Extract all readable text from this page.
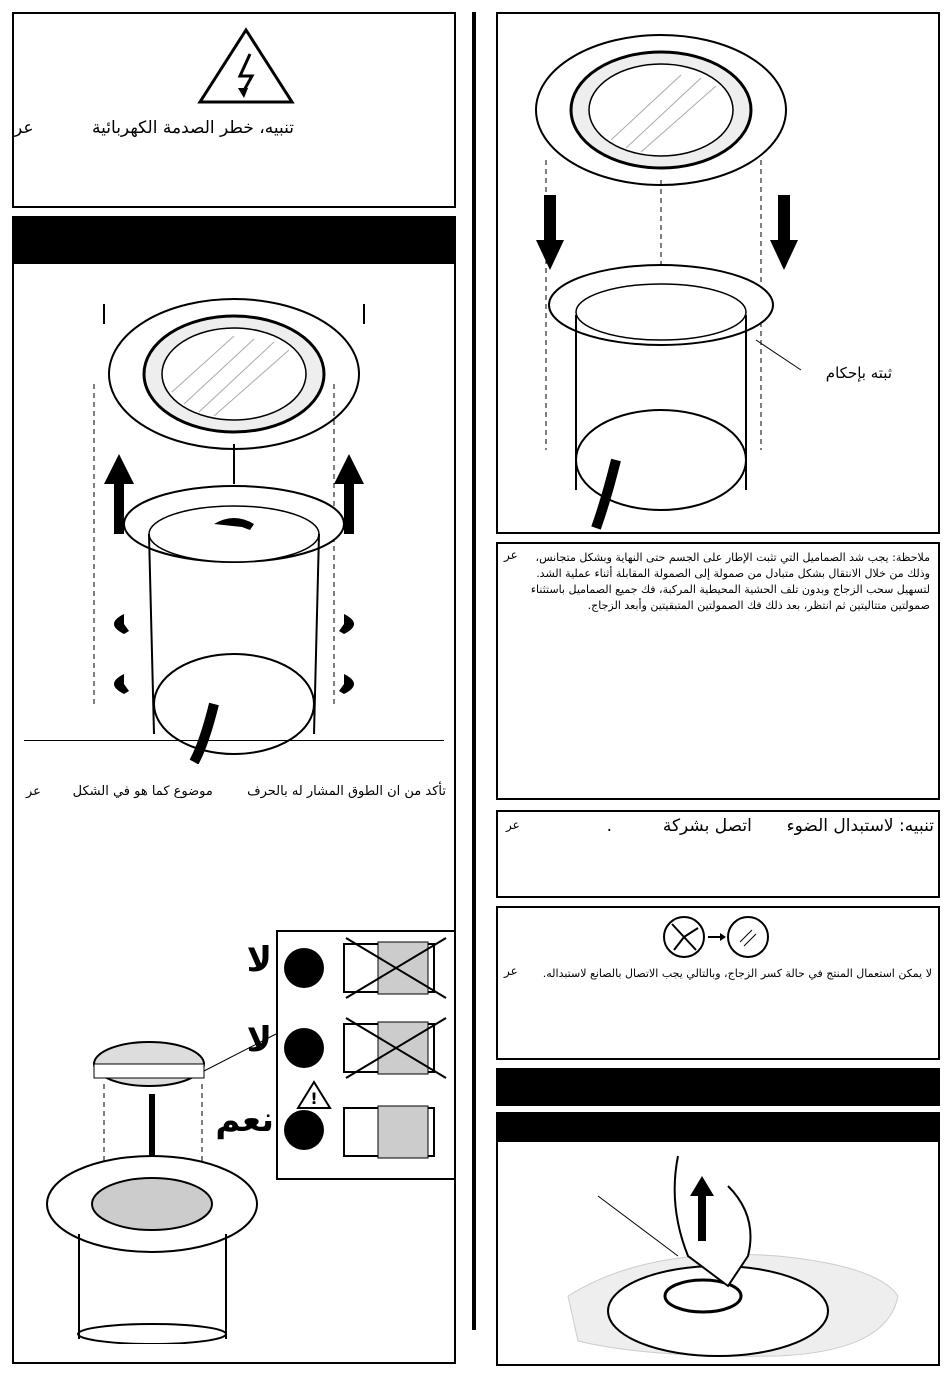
تنبيه، خطر الصدمة الكهربائية
عر
تأكد من ان الطوق المشار له بالحرف  موضوع كما هو في الشكل
عر
!
لا
لا
نعم
ثبته بإحكام
عر	ملاحظة: يجب شد الصماميل التي تثبت الإطار على الجسم حتى النهاية وبشكل متجانس،
وذلك من خلال الانتقال بشكل متبادل من صمولة إلى الصمولة المقابلة أثناء عملية الشد.
لتسهيل سحب الزجاج وبدون تلف الحشية المحيطية المركبة، فك جميع الصماميل باستثناء
صمولتين متتاليتين ثم انتظر، بعد ذلك فك الصمولتين المتبقيتين وأبعد الزجاج.
تنبيه: لاستبدال الضوء  اتصل بشركة  .
عر
لا يمكن استعمال المنتج في حالة كسر الزجاج، وبالتالي يجب الاتصال بالصانع لاستبداله.
عر
